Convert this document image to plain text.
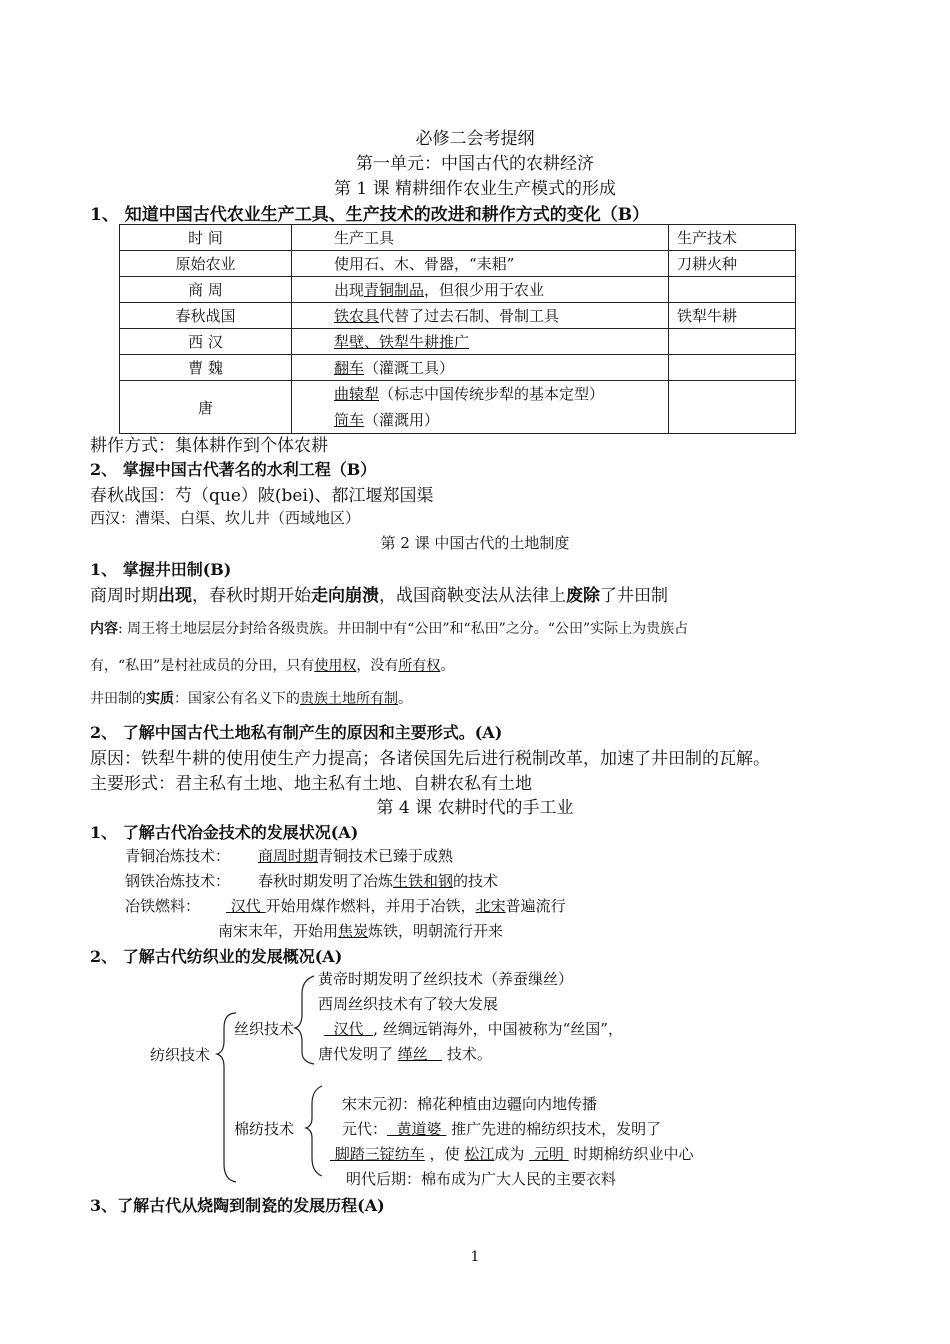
必修二会考提纲
第一单元：中国古代的农耕经济
第 1 课 精耕细作农业生产模式的形成
1、 知道中国古代农业生产工具、生产技术的改进和耕作方式的变化（B）
时 间	生产工具	生产技术
原始农业	使用石、木、骨器，“耒耜”	刀耕火种
商 周	出现青铜制品，但很少用于农业	
春秋战国	铁农具代替了过去石制、骨制工具	铁犁牛耕
西 汉	犁壁、铁犁牛耕推广	
曹 魏	翻车（灌溉工具）	
唐	曲辕犁（标志中国传统步犁的基本定型）
筒车（灌溉用）	

耕作方式：集体耕作到个体农耕
2、 掌握中国古代著名的水利工程（B）
春秋战国：芍（que）陂(bei)、都江堰郑国渠
西汉：漕渠、白渠、坎儿井（西域地区）
第 2 课 中国古代的土地制度
1、 掌握井田制(B)
商周时期出现，春秋时期开始走向崩溃，战国商鞅变法从法律上废除了井田制
内容: 周王将土地层层分封给各级贵族。井田制中有“公田”和“私田”之分。“公田”实际上为贵族占
有，“私田”是村社成员的分田，只有使用权，没有所有权。
井田制的实质：国家公有名义下的贵族土地所有制。
2、 了解中国古代土地私有制产生的原因和主要形式。(A)
原因：铁犁牛耕的使用使生产力提高；各诸侯国先后进行税制改革，加速了井田制的瓦解。
主要形式：君主私有土地、地主私有土地、自耕农私有土地
第 4 课 农耕时代的手工业
1、 了解古代冶金技术的发展状况(A)
青铜冶炼技术： 商周时期青铜技术已臻于成熟
钢铁冶炼技术： 春秋时期发明了冶炼生铁和钢的技术
冶铁燃料： 汉代 开始用煤作燃料，并用于冶铁，北宋普遍流行
南宋末年，开始用焦炭炼铁，明朝流行开来
2、 了解古代纺织业的发展概况(A)
纺织技术
丝织技术
黄帝时期发明了丝织技术（养蚕缫丝）
西周丝织技术有了较大发展
汉代  , 丝绸远销海外，中国被称为“丝国”，
唐代发明了 缂丝    技术。
棉纺技术
宋末元初：棉花种植由边疆向内地传播
元代：  黄道婆  推广先进的棉纺织技术，发明了
脚踏三锭纺车 ，使 松江成为  元明  时期棉纺织业中心
明代后期：棉布成为广大人民的主要衣料
3、了解古代从烧陶到制瓷的发展历程(A)
1
